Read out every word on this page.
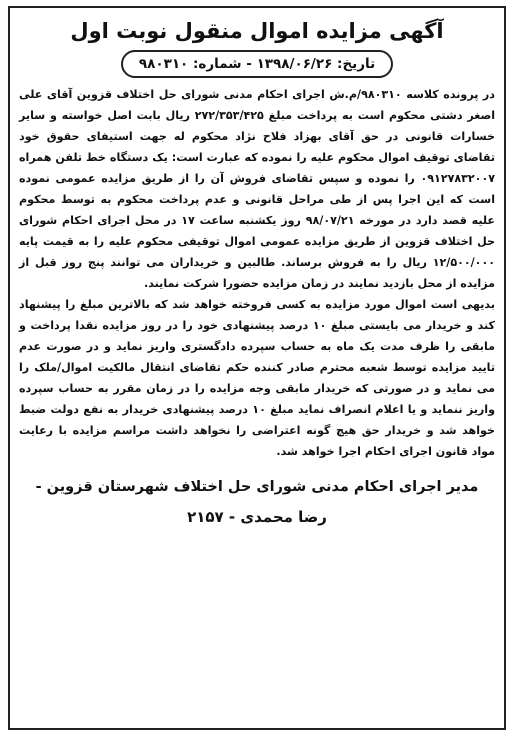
آگهی مزایده اموال منقول نوبت اول
تاریخ: ۱۳۹۸/۰۶/۲۶ - شماره: ۹۸۰۳۱۰

در پرونده کلاسه ۹۸۰۳۱۰/م.ش اجرای احکام مدنی شورای حل اختلاف قزوین آقای علی اصغر دشتی محکوم است به پرداخت مبلغ ۲۷۲/۳۵۳/۴۲۵ ریال بابت اصل خواسته و سایر خسارات قانونی در حق آقای بهزاد فلاح نژاد محکوم له جهت استیفای حقوق خود تقاضای توقیف اموال محکوم علیه را نموده که عبارت است: یک دستگاه خط تلفن همراه ۰۹۱۲۷۸۳۲۰۰۷ را نموده و سپس تقاضای فروش آن را از طریق مزایده عمومی نموده است که این اجرا پس از طی مراحل قانونی و عدم پرداخت محکوم به توسط محکوم علیه قصد دارد در مورخه ۹۸/۰۷/۲۱ روز یکشنبه ساعت ۱۷ در محل اجرای احکام شورای حل اختلاف قزوین از طریق مزایده عمومی اموال توقیفی محکوم علیه را به قیمت پایه ۱۲/۵۰۰/۰۰۰ ریال را به فروش برساند. طالبین و خریداران می توانند پنج روز قبل از مزایده از محل بازدید نمایند در زمان مزایده حضورا شرکت نمایند.

بدیهی است اموال مورد مزایده به کسی فروخته خواهد شد که بالاترین مبلغ را پیشنهاد کند و خریدار می بایستی مبلغ ۱۰ درصد پیشنهادی خود را در روز مزایده نقدا پرداخت و مابقی را ظرف مدت یک ماه به حساب سپرده دادگستری واریز نماید و در صورت عدم تایید مزایده توسط شعبه محترم صادر کننده حکم تقاضای انتقال مالکیت اموال/ملک را می نماید و در صورتی که خریدار مابقی وجه مزایده را در زمان مقرر به حساب سپرده واریز ننماید و یا اعلام انصراف نماید مبلغ ۱۰ درصد پیشنهادی خریدار به نفع دولت ضبط خواهد شد و خریدار حق هیچ گونه اعتراضی را نخواهد داشت مراسم مزایده با رعایت مواد قانون اجرای احکام اجرا خواهد شد.

مدیر اجرای احکام مدنی شورای حل اختلاف شهرستان قزوین -
رضا محمدی - ۲۱۵۷
